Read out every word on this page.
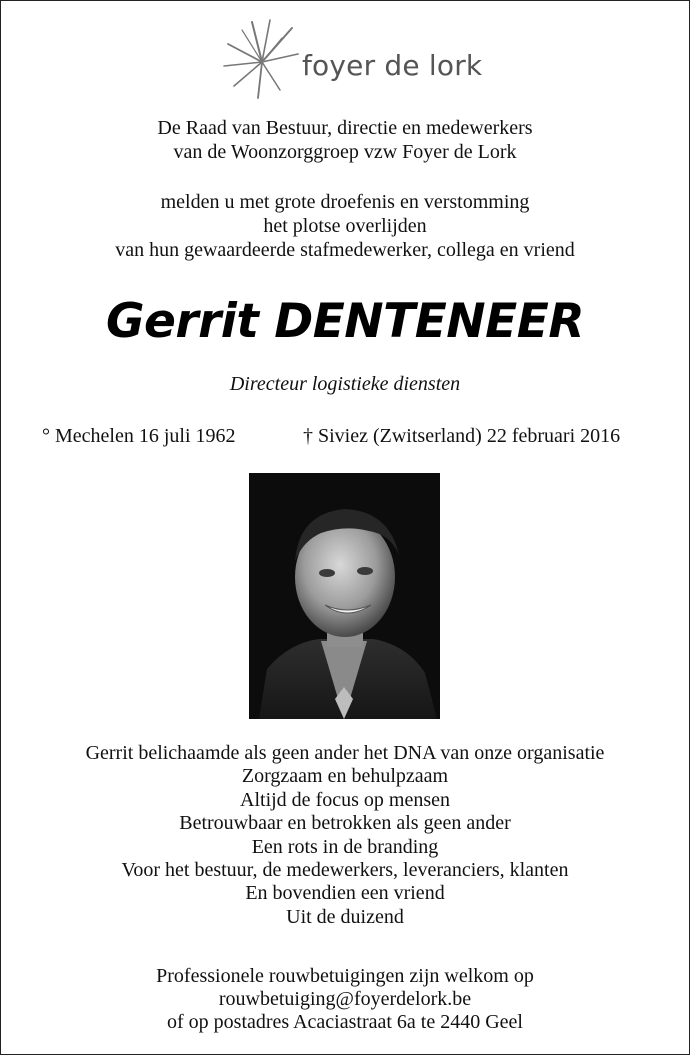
foyer de lork
De Raad van Bestuur, directie en medewerkers
van de Woonzorggroep vzw Foyer de Lork
melden u met grote droefenis en verstomming
het plotse overlijden
van hun gewaardeerde stafmedewerker, collega en vriend
Gerrit DENTENEER
Directeur logistieke diensten
° Mechelen 16 juli 1962	† Siviez (Zwitserland) 22 februari 2016
Gerrit belichaamde als geen ander het DNA van onze organisatie
Zorgzaam en behulpzaam
Altijd de focus op mensen
Betrouwbaar en betrokken als geen ander
Een rots in de branding
Voor het bestuur, de medewerkers, leveranciers, klanten
En bovendien een vriend
Uit de duizend
Professionele rouwbetuigingen zijn welkom op
rouwbetuiging@foyerdelork.be
of op postadres Acaciastraat 6a te 2440 Geel
